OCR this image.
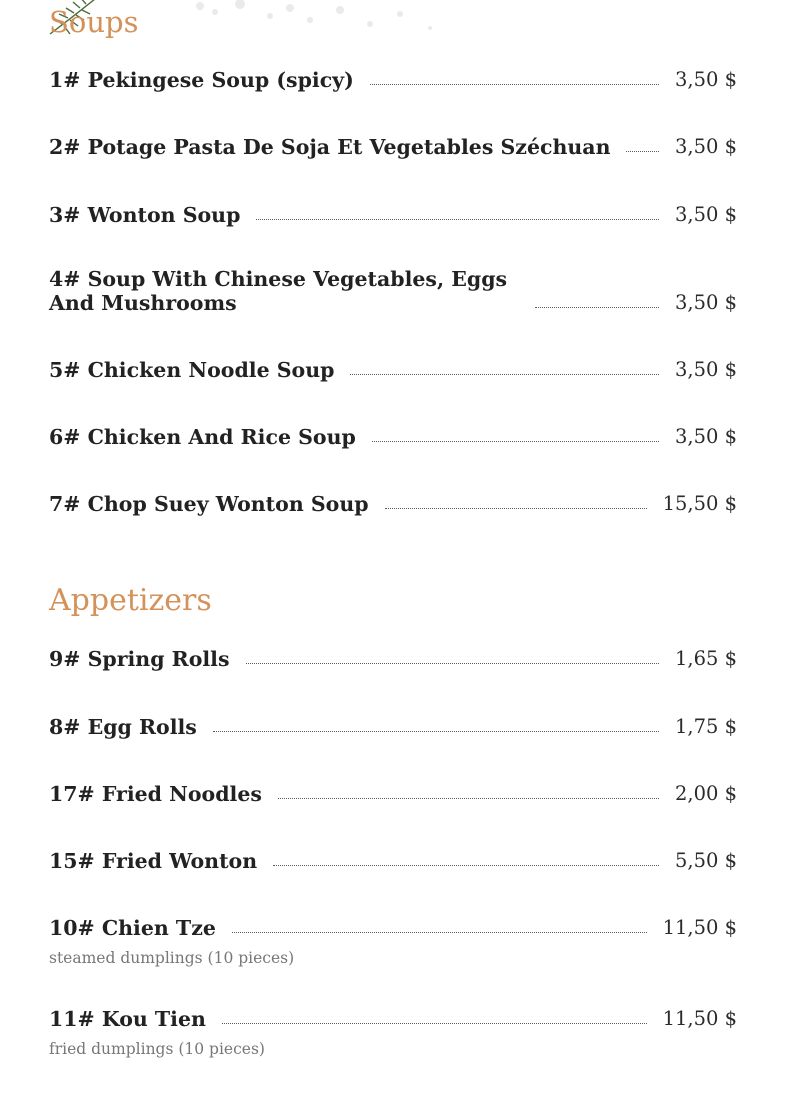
Soups
1# Pekingese Soup (spicy)	3,50 $
2# Potage Pasta De Soja Et Vegetables Széchuan	3,50 $
3# Wonton Soup	3,50 $
4# Soup With Chinese Vegetables, Eggs And Mushrooms	3,50 $
5# Chicken Noodle Soup	3,50 $
6# Chicken And Rice Soup	3,50 $
7# Chop Suey Wonton Soup	15,50 $
Appetizers
9# Spring Rolls	1,65 $
8# Egg Rolls	1,75 $
17# Fried Noodles	2,00 $
15# Fried Wonton	5,50 $
10# Chien Tze	11,50 $
steamed dumplings (10 pieces)
11# Kou Tien	11,50 $
fried dumplings (10 pieces)
